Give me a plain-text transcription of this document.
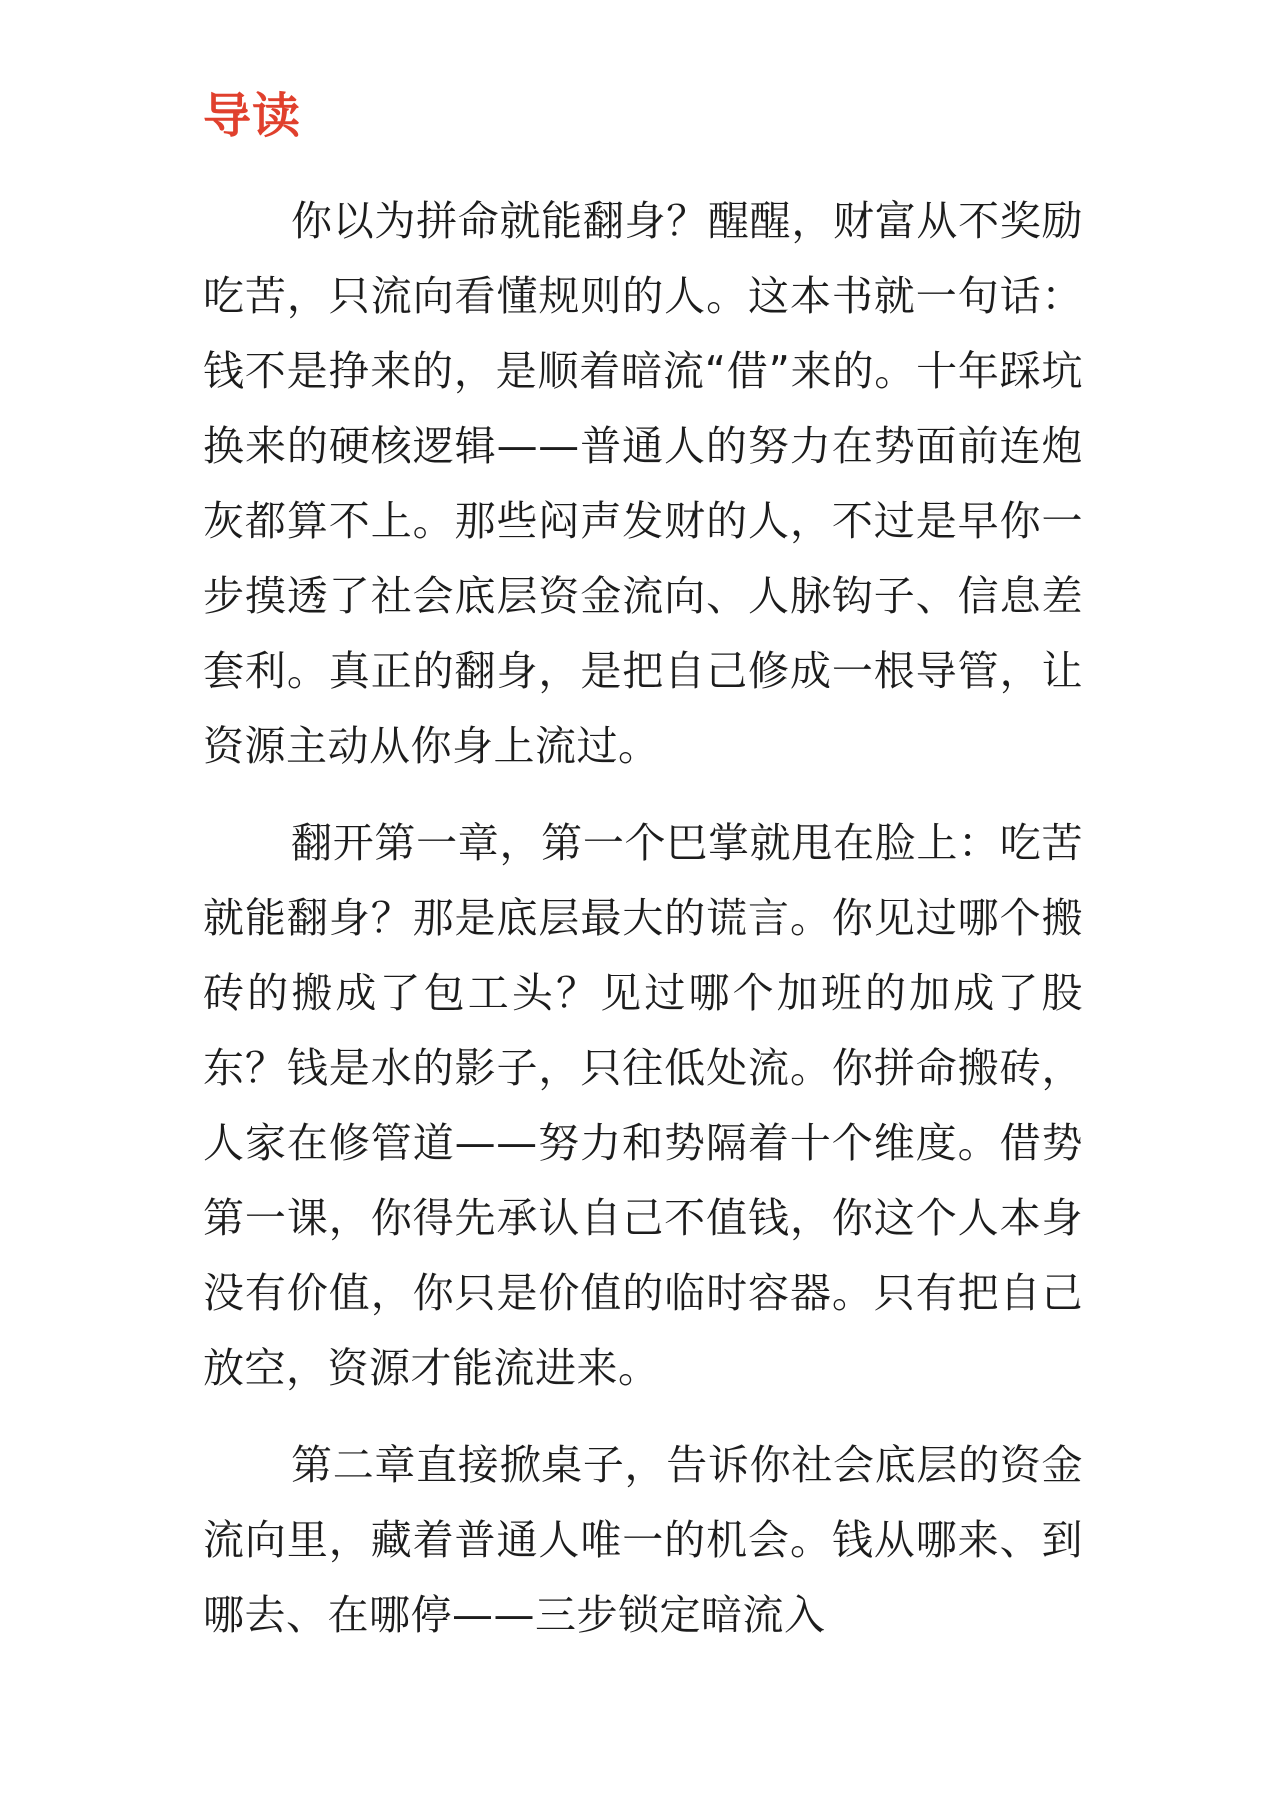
导读

你以为拼命就能翻身？醒醒，财富从不奖励吃苦，只流向看懂规则的人。这本书就一句话：钱不是挣来的，是顺着暗流“借”来的。十年踩坑换来的硬核逻辑——普通人的努力在势面前连炮灰都算不上。那些闷声发财的人，不过是早你一步摸透了社会底层资金流向、人脉钩子、信息差套利。真正的翻身，是把自己修成一根导管，让资源主动从你身上流过。

翻开第一章，第一个巴掌就甩在脸上：吃苦就能翻身？那是底层最大的谎言。你见过哪个搬砖的搬成了包工头？见过哪个加班的加成了股东？钱是水的影子，只往低处流。你拼命搬砖，人家在修管道——努力和势隔着十个维度。借势第一课，你得先承认自己不值钱，你这个人本身没有价值，你只是价值的临时容器。只有把自己放空，资源才能流进来。

第二章直接掀桌子，告诉你社会底层的资金流向里，藏着普通人唯一的机会。钱从哪来、到哪去、在哪停——三步锁定暗流入
